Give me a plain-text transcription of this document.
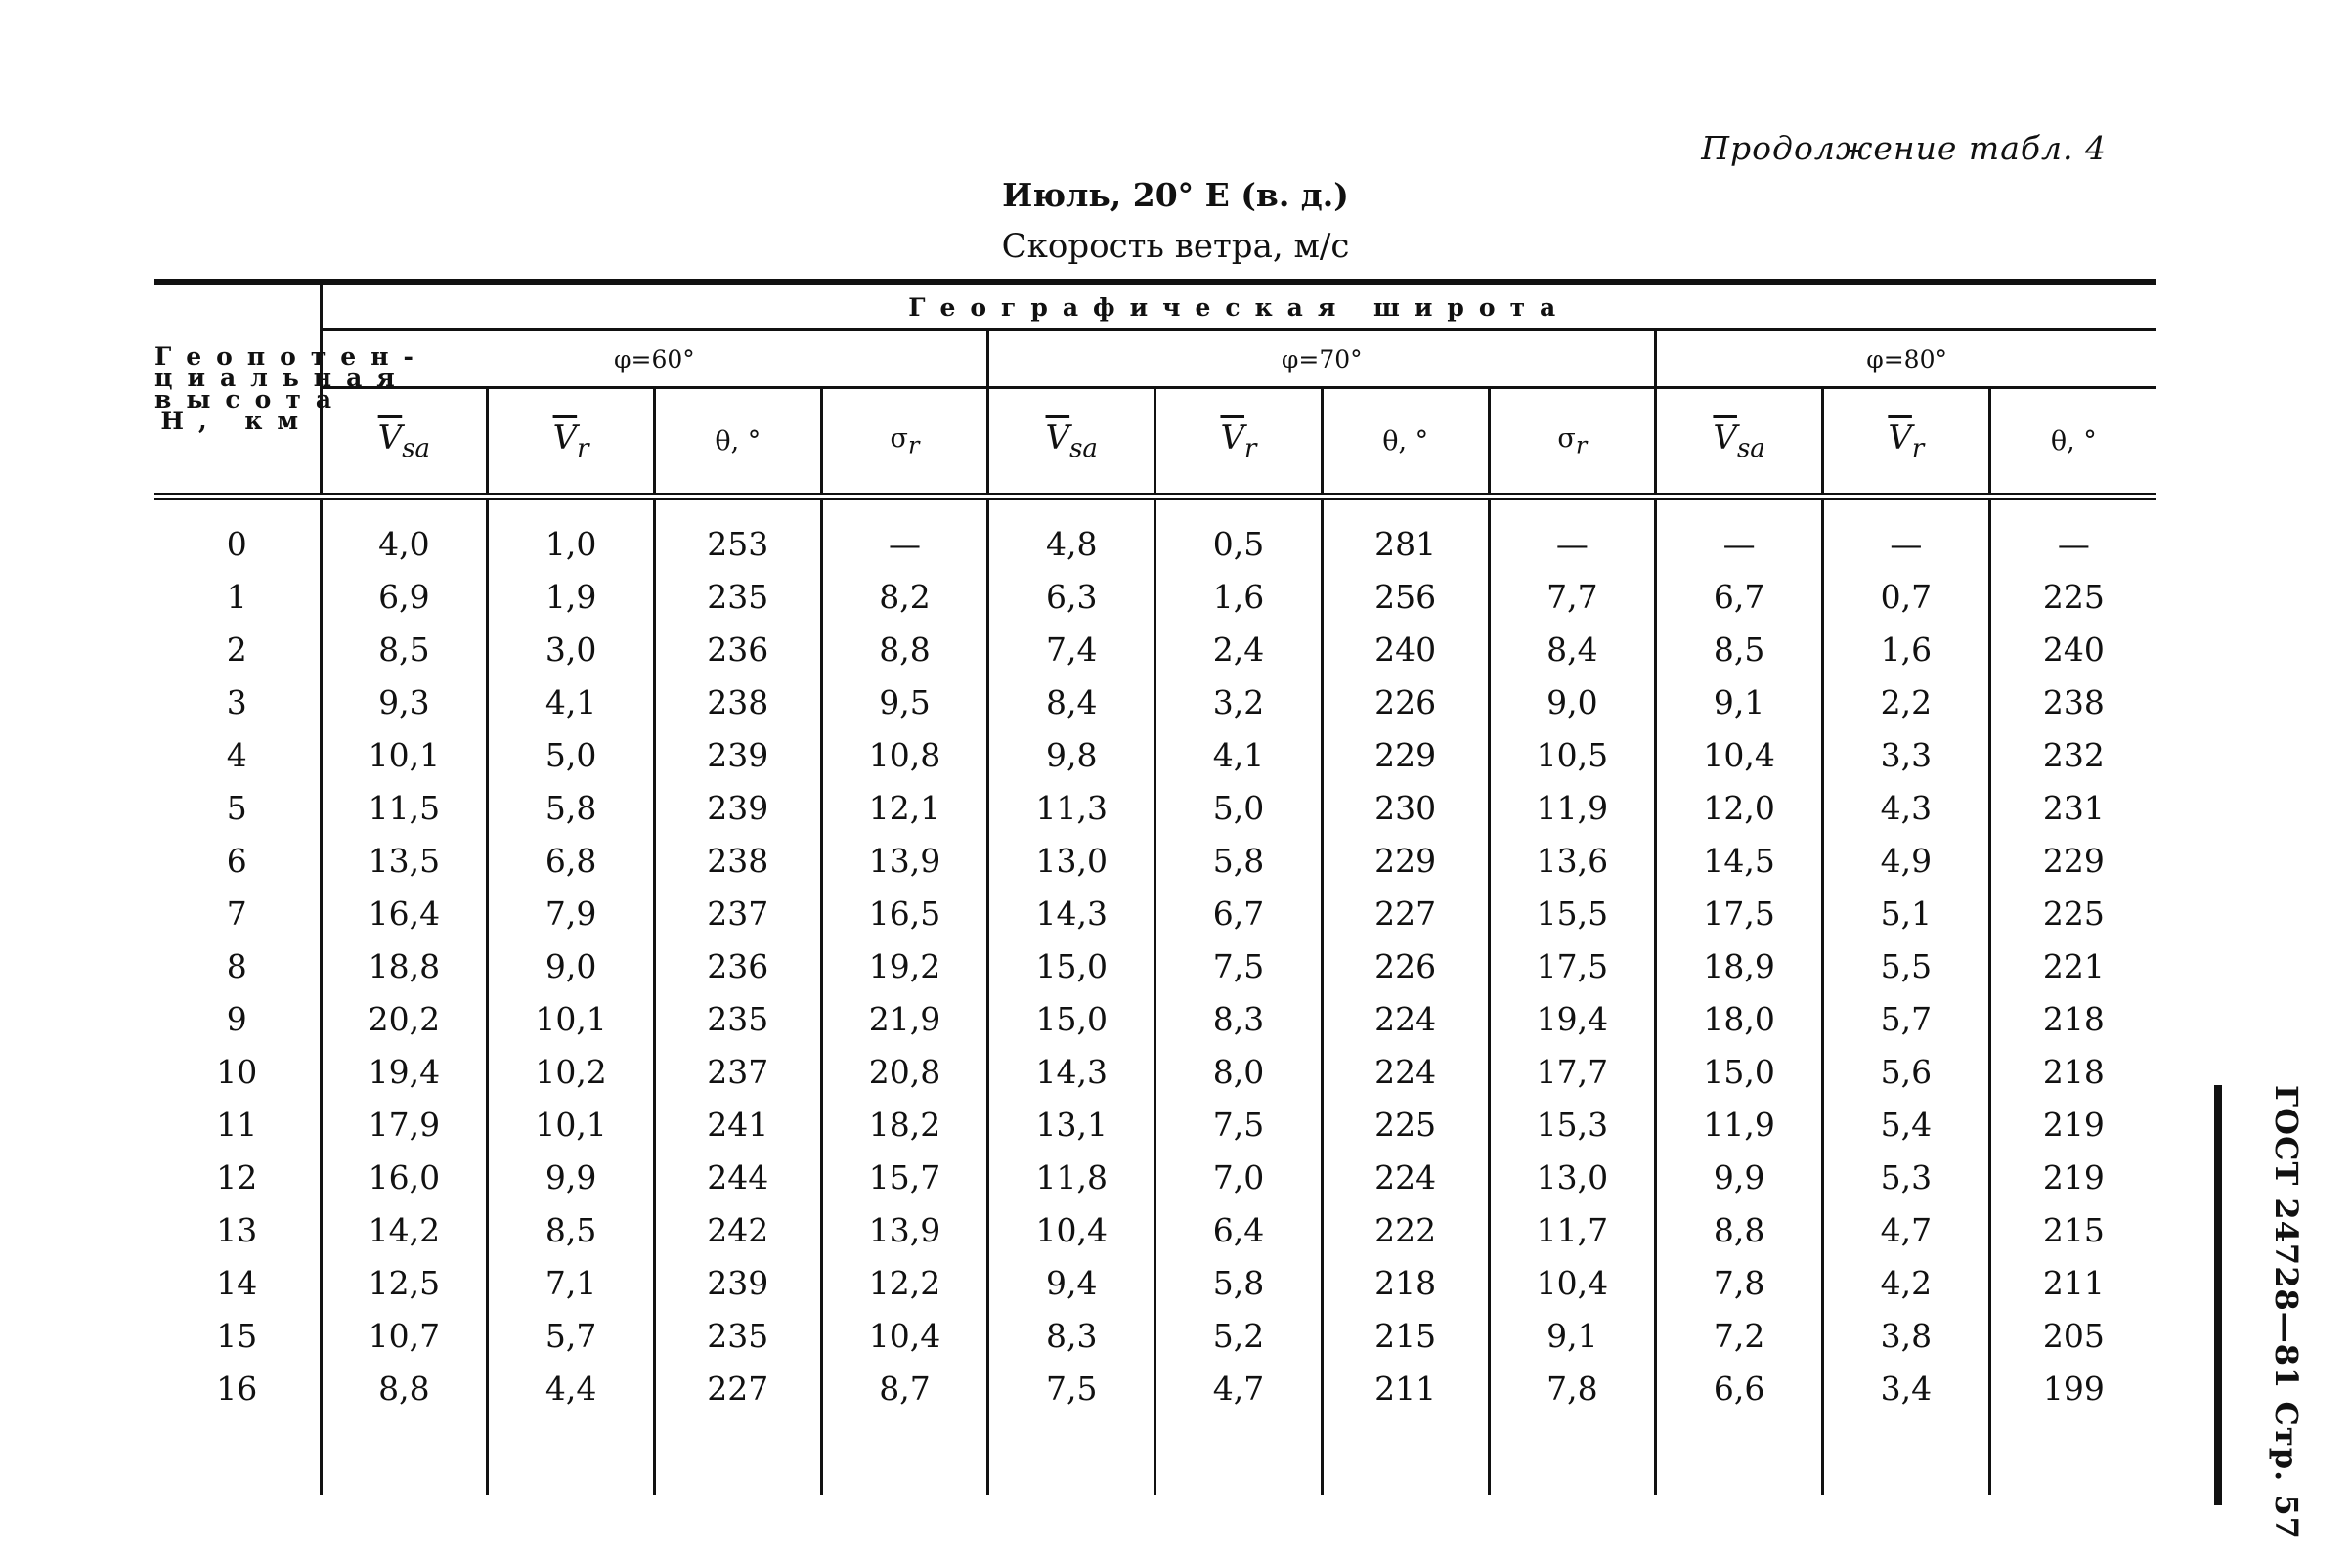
Продолжение табл. 4
Июль, 20° E (в. д.)
Скорость ветра, м/с
ГОСТ 24728—81 Стр. 57
Геопотен-
циальная
высота
H, км	Географическая широта										
	φ=60°				φ=70°				φ=80°		
	$\overline{V}_{sa}$	$\overline{V}_r$	θ, °	$\sigma_r$	$\overline{V}_{sa}$	$\overline{V}_r$	θ, °	$\sigma_r$	$\overline{V}_{sa}$	$\overline{V}_r$	θ, °

0	4,0	1,0	253	—	4,8	0,5	281	—	—	—	—
1	6,9	1,9	235	8,2	6,3	1,6	256	7,7	6,7	0,7	225
2	8,5	3,0	236	8,8	7,4	2,4	240	8,4	8,5	1,6	240
3	9,3	4,1	238	9,5	8,4	3,2	226	9,0	9,1	2,2	238
4	10,1	5,0	239	10,8	9,8	4,1	229	10,5	10,4	3,3	232
5	11,5	5,8	239	12,1	11,3	5,0	230	11,9	12,0	4,3	231
6	13,5	6,8	238	13,9	13,0	5,8	229	13,6	14,5	4,9	229
7	16,4	7,9	237	16,5	14,3	6,7	227	15,5	17,5	5,1	225
8	18,8	9,0	236	19,2	15,0	7,5	226	17,5	18,9	5,5	221
9	20,2	10,1	235	21,9	15,0	8,3	224	19,4	18,0	5,7	218
10	19,4	10,2	237	20,8	14,3	8,0	224	17,7	15,0	5,6	218
11	17,9	10,1	241	18,2	13,1	7,5	225	15,3	11,9	5,4	219
12	16,0	9,9	244	15,7	11,8	7,0	224	13,0	9,9	5,3	219
13	14,2	8,5	242	13,9	10,4	6,4	222	11,7	8,8	4,7	215
14	12,5	7,1	239	12,2	9,4	5,8	218	10,4	7,8	4,2	211
15	10,7	5,7	235	10,4	8,3	5,2	215	9,1	7,2	3,8	205
16	8,8	4,4	227	8,7	7,5	4,7	211	7,8	6,6	3,4	199
